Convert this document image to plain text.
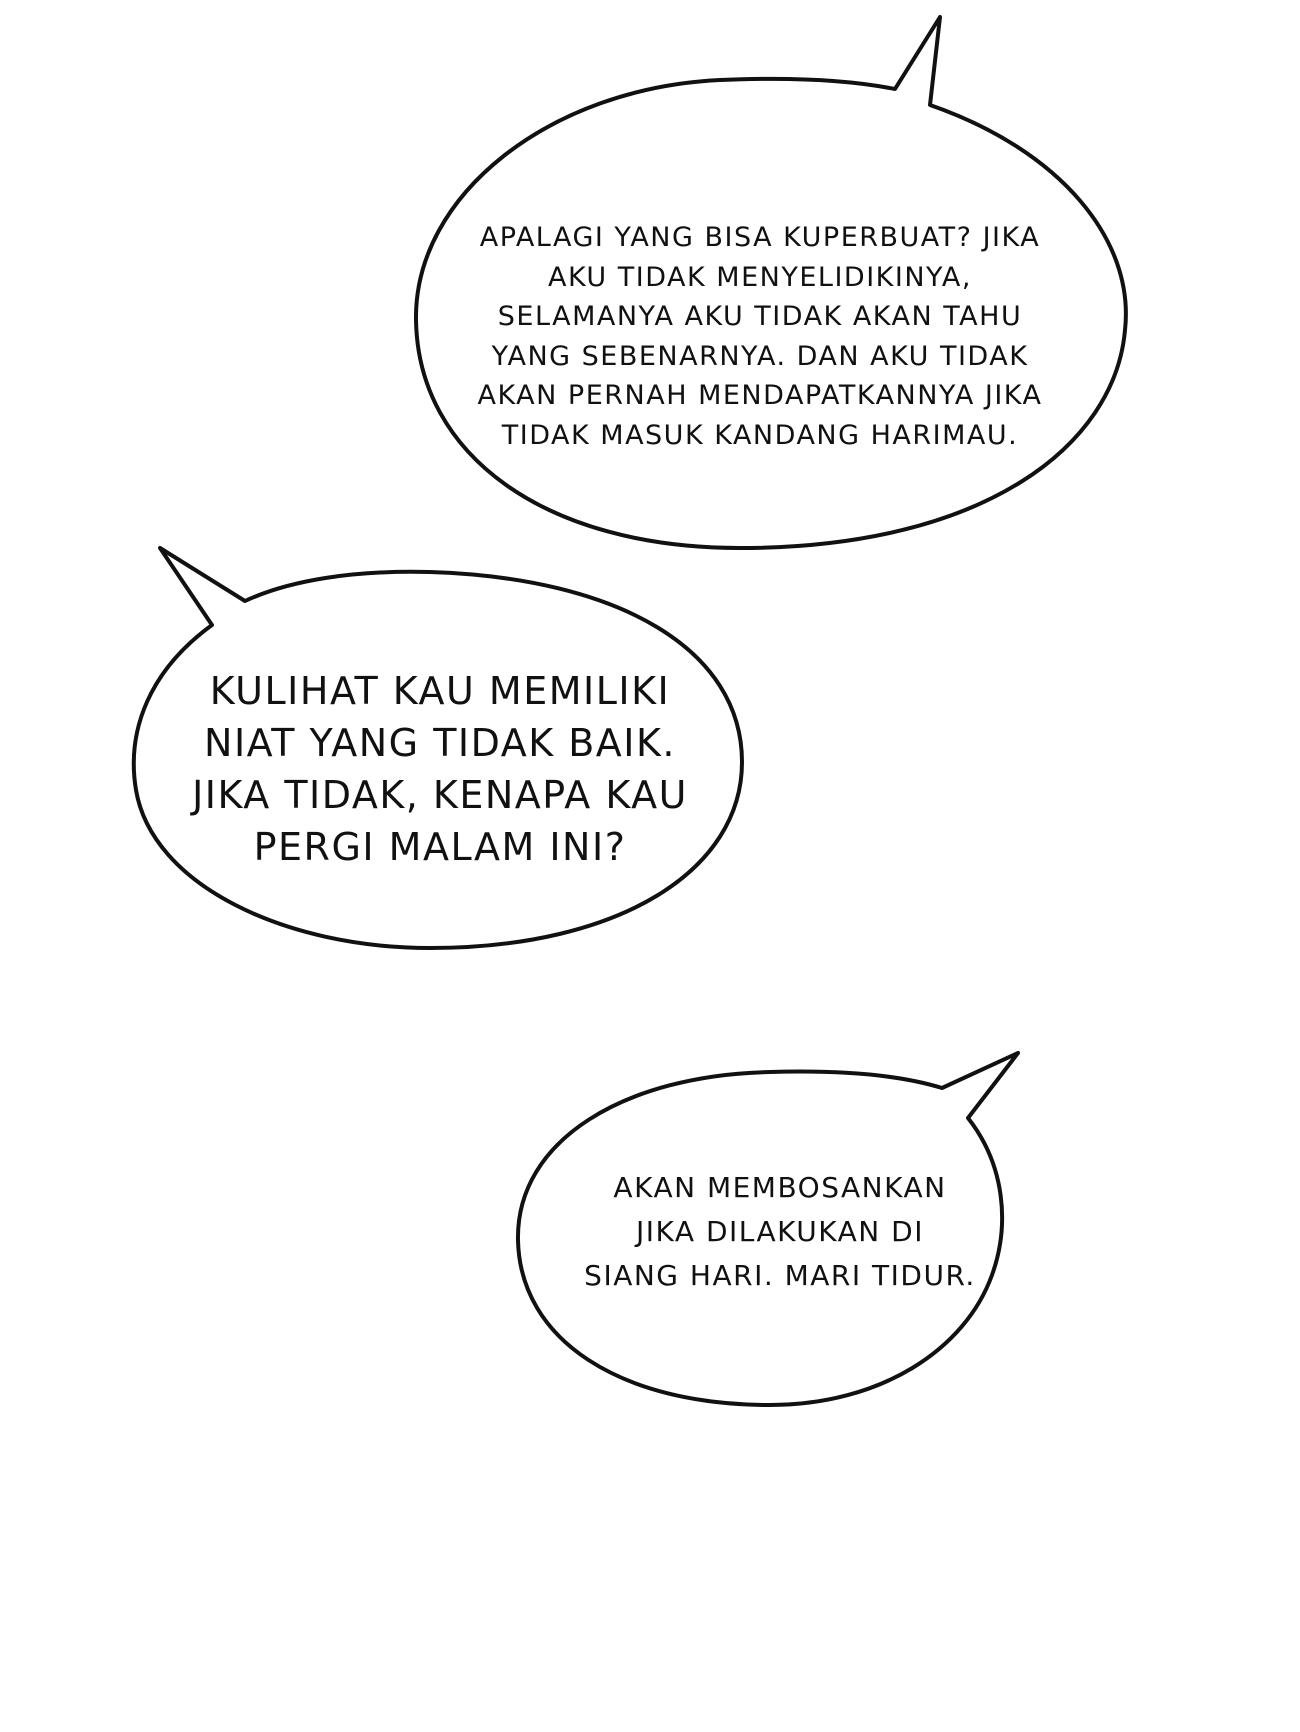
APALAGI YANG BISA KUPERBUAT? JIKA
AKU TIDAK MENYELIDIKINYA,
SELAMANYA AKU TIDAK AKAN TAHU
YANG SEBENARNYA. DAN AKU TIDAK
AKAN PERNAH MENDAPATKANNYA JIKA
TIDAK MASUK KANDANG HARIMAU.
KULIHAT KAU MEMILIKI
NIAT YANG TIDAK BAIK.
JIKA TIDAK, KENAPA KAU
PERGI MALAM INI?
AKAN MEMBOSANKAN
JIKA DILAKUKAN DI
SIANG HARI. MARI TIDUR.
